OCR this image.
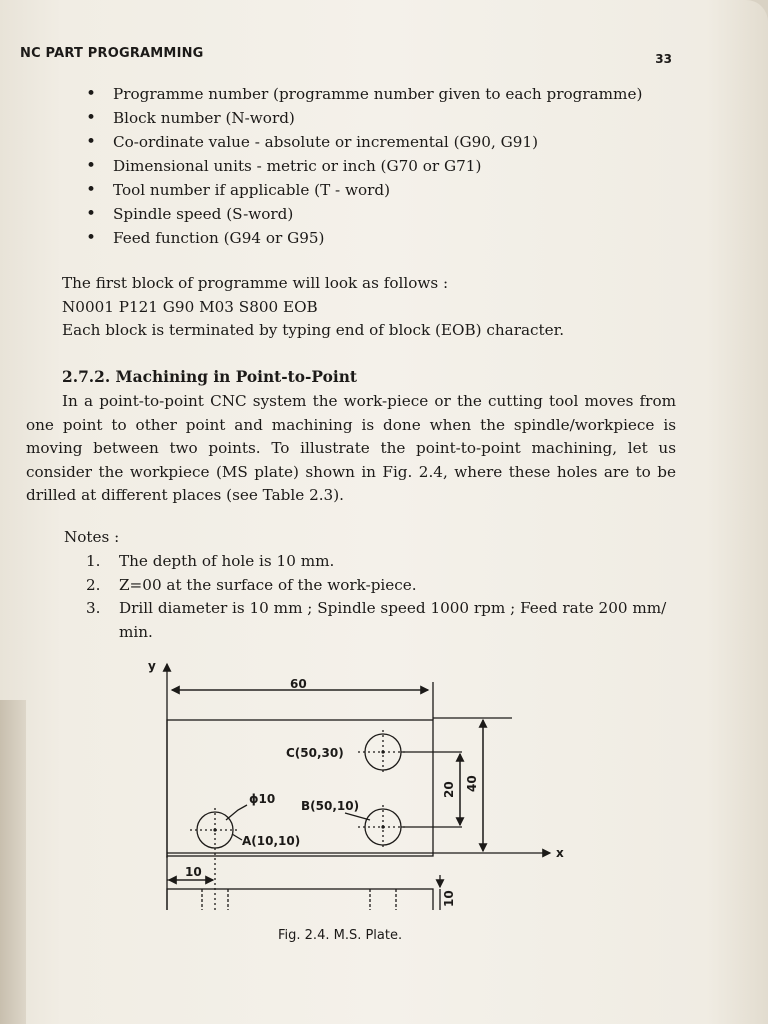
NC PART PROGRAMMING	33
• Programme number (programme number given to each programme)
• Block number (N-word)
• Co-ordinate value - absolute or incremental (G90, G91)
• Dimensional units - metric or inch (G70 or G71)
• Tool number if applicable (T - word)
• Spindle speed (S-word)
• Feed function (G94 or G95)

The first block of programme will look as follows :

N0001 P121 G90 M03 S800 EOB

Each block is terminated by typing end of block (EOB) character.

2.7.2. Machining in Point-to-Point

In a point-to-point CNC system the work-piece or the cutting tool moves from one point to other point and machining is done when the spindle/workpiece is moving between two points. To illustrate the point-to-point machining, let us consider the workpiece (MS plate) shown in Fig. 2.4, where these holes are to be drilled at different places (see Table 2.3).

Notes :
1. The depth of hole is 10 mm.
2. Z=00 at the surface of the work-piece.
3. Drill diameter is 10 mm ; Spindle speed 1000 rpm ; Feed rate 200 mm/ min.
y
x
60
C(50,30)
B(50,10)
ϕ10
A(10,10)
10
20 40
10
Fig. 2.4. M.S. Plate.
